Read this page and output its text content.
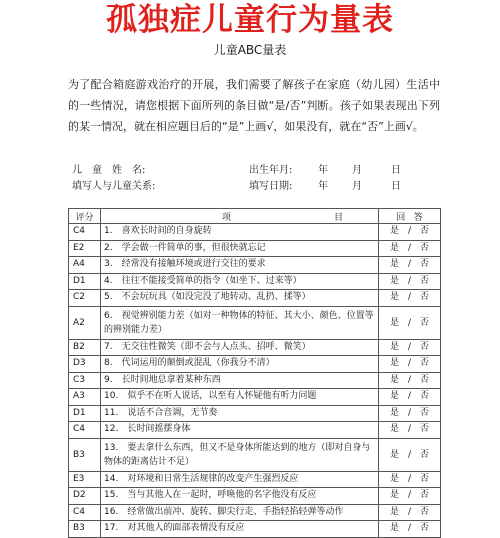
孤独症儿童行为量表
儿童ABC量表
为了配合箱庭游戏治疗的开展，我们需要了解孩子在家庭（幼儿园）生活中的一些情况，请您根据下面所列的条目做“是/否”判断。孩子如果表现出下列的某一情况，就在相应题目后的“是”上画√，如果没有，就在“否”上画√。
儿　童　姓　名:	出生年月:	年 月	日
填写人与儿童关系:	填写日期:	年 月	日
评分	项 目	回 答
C4	1.　喜欢长时间的自身旋转	是　/　否
E2	2.　学会做一件简单的事，但很快就忘记	是　/　否
A4	3.　经常没有接触环境或进行交往的要求	是　/　否
D1	4.　往往不能接受简单的指令（如坐下、过来等）	是　/　否
C2	5.　不会玩玩具（如没完没了地转动、乱扔、揉等）	是　/　否
A2	6.　视觉辨别能力差（如对一种物体的特征、其大小、颜色、位置等的辨别能力差）	是　/　否
B2	7.　无交往性微笑（即不会与人点头、招呼、微笑）	是　/　否
D3	8.　代词运用的颠倒或混乱（你我分不清）	是　/　否
C3	9.　长时间地总拿着某种东西	是　/　否
A3	10.　似乎不在听人说话，以至有人怀疑他有听力问题	是　/　否
D1	11.　说话不合音调，无节奏	是　/　否
C4	12.　长时间摇摆身体	是　/　否
B3	13.　要去拿什么东西，但又不是身体所能达到的地方（即对自身与物体的距离估计不足）	是　/　否
E3	14.　对环境和日常生活规律的改变产生强烈反应	是　/　否
D2	15.　当与其他人在一起时，呼唤他的名字他没有反应	是　/　否
C4	16.　经常做出前冲、旋转、脚尖行走、手指轻掐轻弹等动作	是　/　否
B3	17.　对其他人的面部表情没有反应	是　/　否
